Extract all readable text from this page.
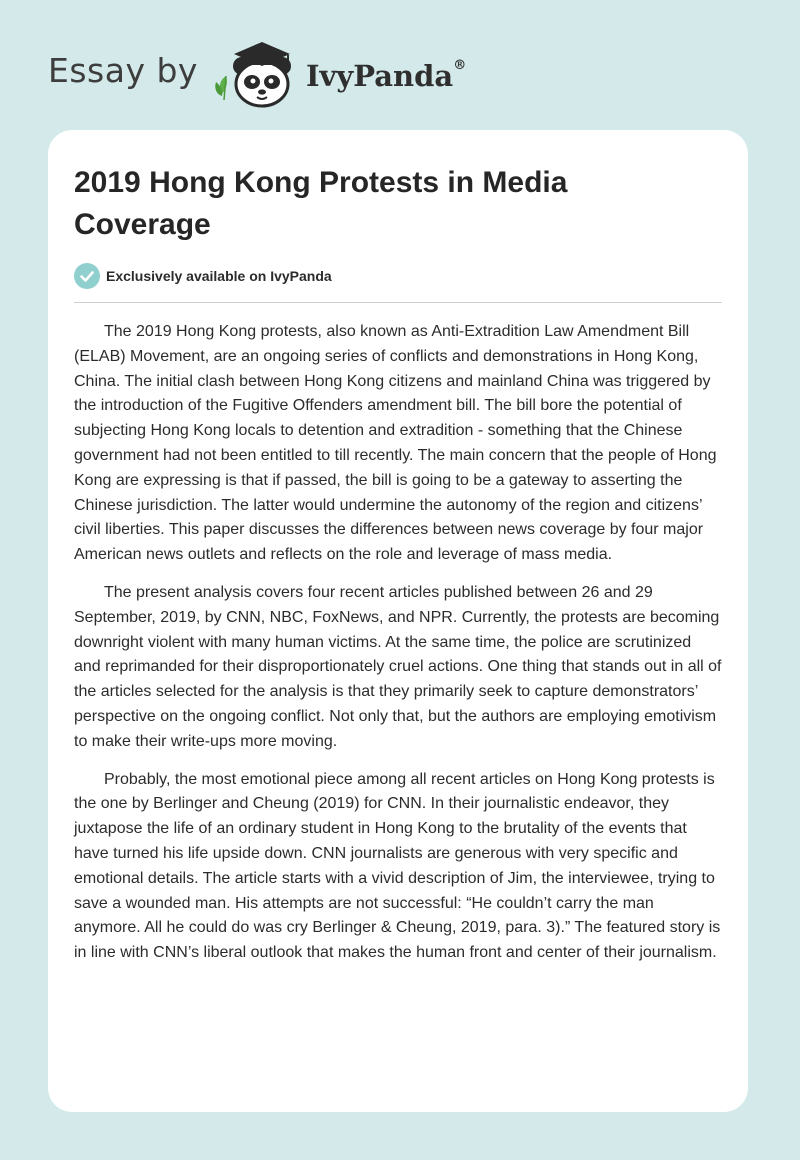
Essay by	IvyPanda®
2019 Hong Kong Protests in Media Coverage
Exclusively available on IvyPanda

The 2019 Hong Kong protests, also known as Anti-Extradition Law Amendment Bill (ELAB) Movement, are an ongoing series of conflicts and demonstrations in Hong Kong, China. The initial clash between Hong Kong citizens and mainland China was triggered by the introduction of the Fugitive Offenders amendment bill. The bill bore the potential of subjecting Hong Kong locals to detention and extradition - something that the Chinese government had not been entitled to till recently. The main concern that the people of Hong Kong are expressing is that if passed, the bill is going to be a gateway to asserting the Chinese jurisdiction. The latter would undermine the autonomy of the region and citizens’ civil liberties. This paper discusses the differences between news coverage by four major American news outlets and reflects on the role and leverage of mass media.

The present analysis covers four recent articles published between 26 and 29 September, 2019, by CNN, NBC, FoxNews, and NPR. Currently, the protests are becoming downright violent with many human victims. At the same time, the police are scrutinized and reprimanded for their disproportionately cruel actions. One thing that stands out in all of the articles selected for the analysis is that they primarily seek to capture demonstrators’ perspective on the ongoing conflict. Not only that, but the authors are employing emotivism to make their write-ups more moving.

Probably, the most emotional piece among all recent articles on Hong Kong protests is the one by Berlinger and Cheung (2019) for CNN. In their journalistic endeavor, they juxtapose the life of an ordinary student in Hong Kong to the brutality of the events that have turned his life upside down. CNN journalists are generous with very specific and emotional details. The article starts with a vivid description of Jim, the interviewee, trying to save a wounded man. His attempts are not successful: “He couldn’t carry the man anymore. All he could do was cry Berlinger & Cheung, 2019, para. 3).” The featured story is in line with CNN’s liberal outlook that makes the human front and center of their journalism.
